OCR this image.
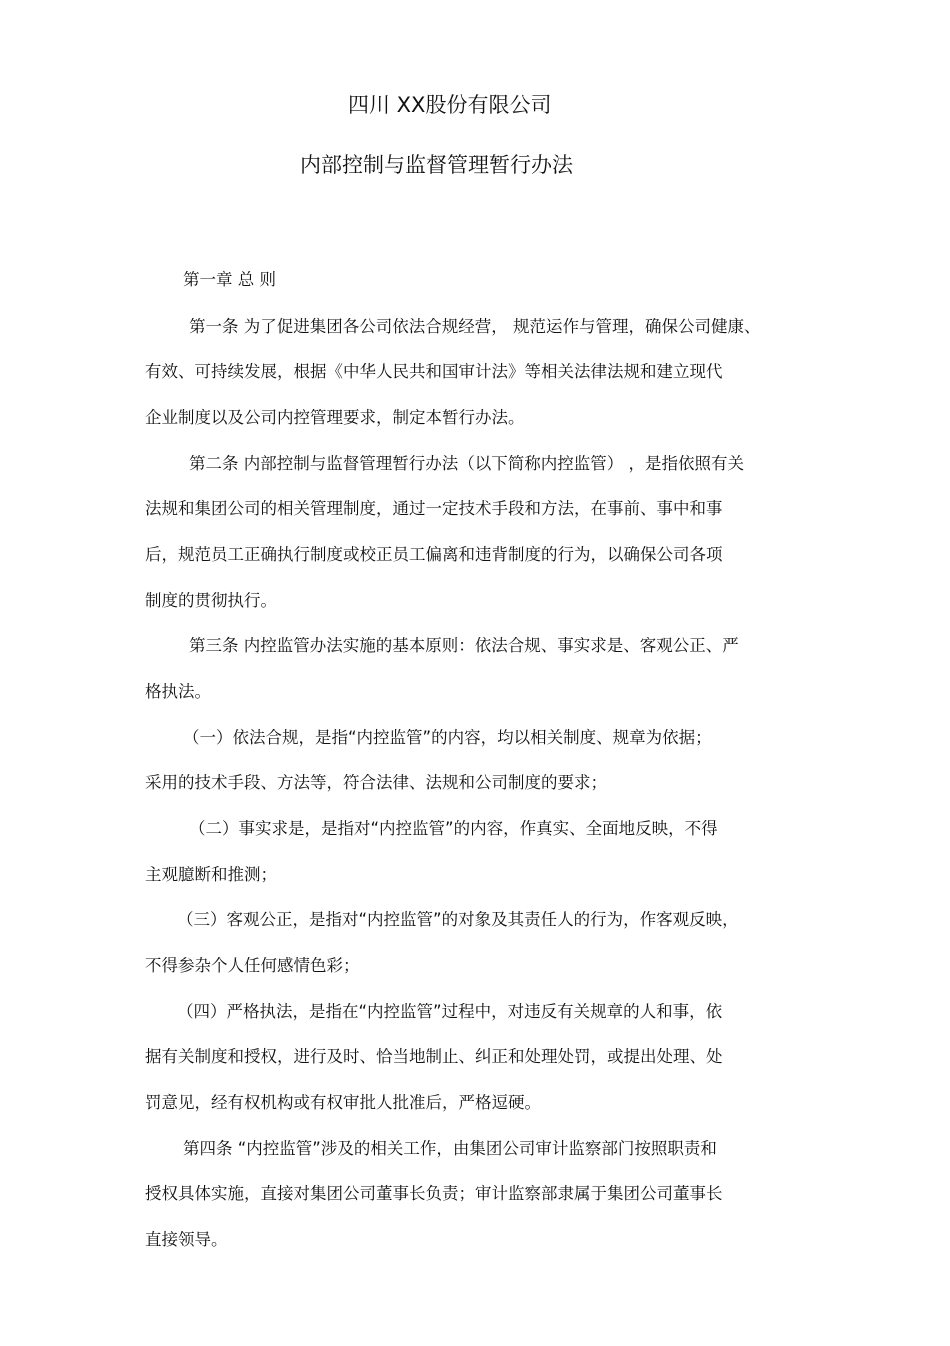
四川 XX股份有限公司
内部控制与监督管理暂行办法
第一章 总 则
第一条 为了促进集团各公司依法合规经营， 规范运作与管理，确保公司健康、
有效、可持续发展，根据《中华人民共和国审计法》等相关法律法规和建立现代
企业制度以及公司内控管理要求，制定本暂行办法。
第二条 内部控制与监督管理暂行办法（以下简称内控监管） ，是指依照有关
法规和集团公司的相关管理制度，通过一定技术手段和方法，在事前、事中和事
后，规范员工正确执行制度或校正员工偏离和违背制度的行为，以确保公司各项
制度的贯彻执行。
第三条 内控监管办法实施的基本原则：依法合规、事实求是、客观公正、严
格执法。
（一）依法合规，是指“内控监管”的内容，均以相关制度、规章为依据；
采用的技术手段、方法等，符合法律、法规和公司制度的要求；
（二）事实求是，是指对“内控监管”的内容，作真实、全面地反映，不得
主观臆断和推测；
（三）客观公正，是指对“内控监管”的对象及其责任人的行为，作客观反映，
不得参杂个人任何感情色彩；
（四）严格执法，是指在“内控监管”过程中，对违反有关规章的人和事，依
据有关制度和授权，进行及时、恰当地制止、纠正和处理处罚，或提出处理、处
罚意见，经有权机构或有权审批人批准后，严格逗硬。
第四条 “内控监管”涉及的相关工作，由集团公司审计监察部门按照职责和
授权具体实施，直接对集团公司董事长负责；审计监察部隶属于集团公司董事长
直接领导。
